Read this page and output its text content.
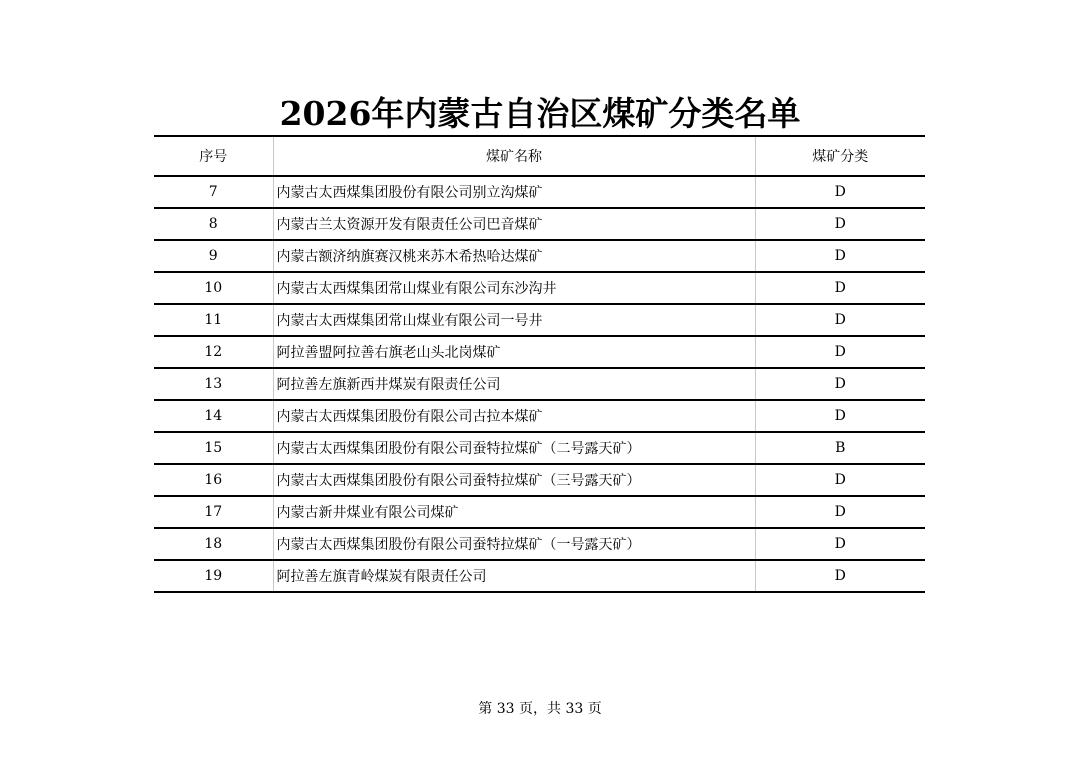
2026年内蒙古自治区煤矿分类名单
序号	煤矿名称	煤矿分类
7	内蒙古太西煤集团股份有限公司别立沟煤矿	D
8	内蒙古兰太资源开发有限责任公司巴音煤矿	D
9	内蒙古额济纳旗赛汉桃来苏木希热哈达煤矿	D
10	内蒙古太西煤集团常山煤业有限公司东沙沟井	D
11	内蒙古太西煤集团常山煤业有限公司一号井	D
12	阿拉善盟阿拉善右旗老山头北岗煤矿	D
13	阿拉善左旗新西井煤炭有限责任公司	D
14	内蒙古太西煤集团股份有限公司古拉本煤矿	D
15	内蒙古太西煤集团股份有限公司蚕特拉煤矿（二号露天矿）	B
16	内蒙古太西煤集团股份有限公司蚕特拉煤矿（三号露天矿）	D
17	内蒙古新井煤业有限公司煤矿	D
18	内蒙古太西煤集团股份有限公司蚕特拉煤矿（一号露天矿）	D
19	阿拉善左旗青岭煤炭有限责任公司	D
第 33 页，共 33 页
